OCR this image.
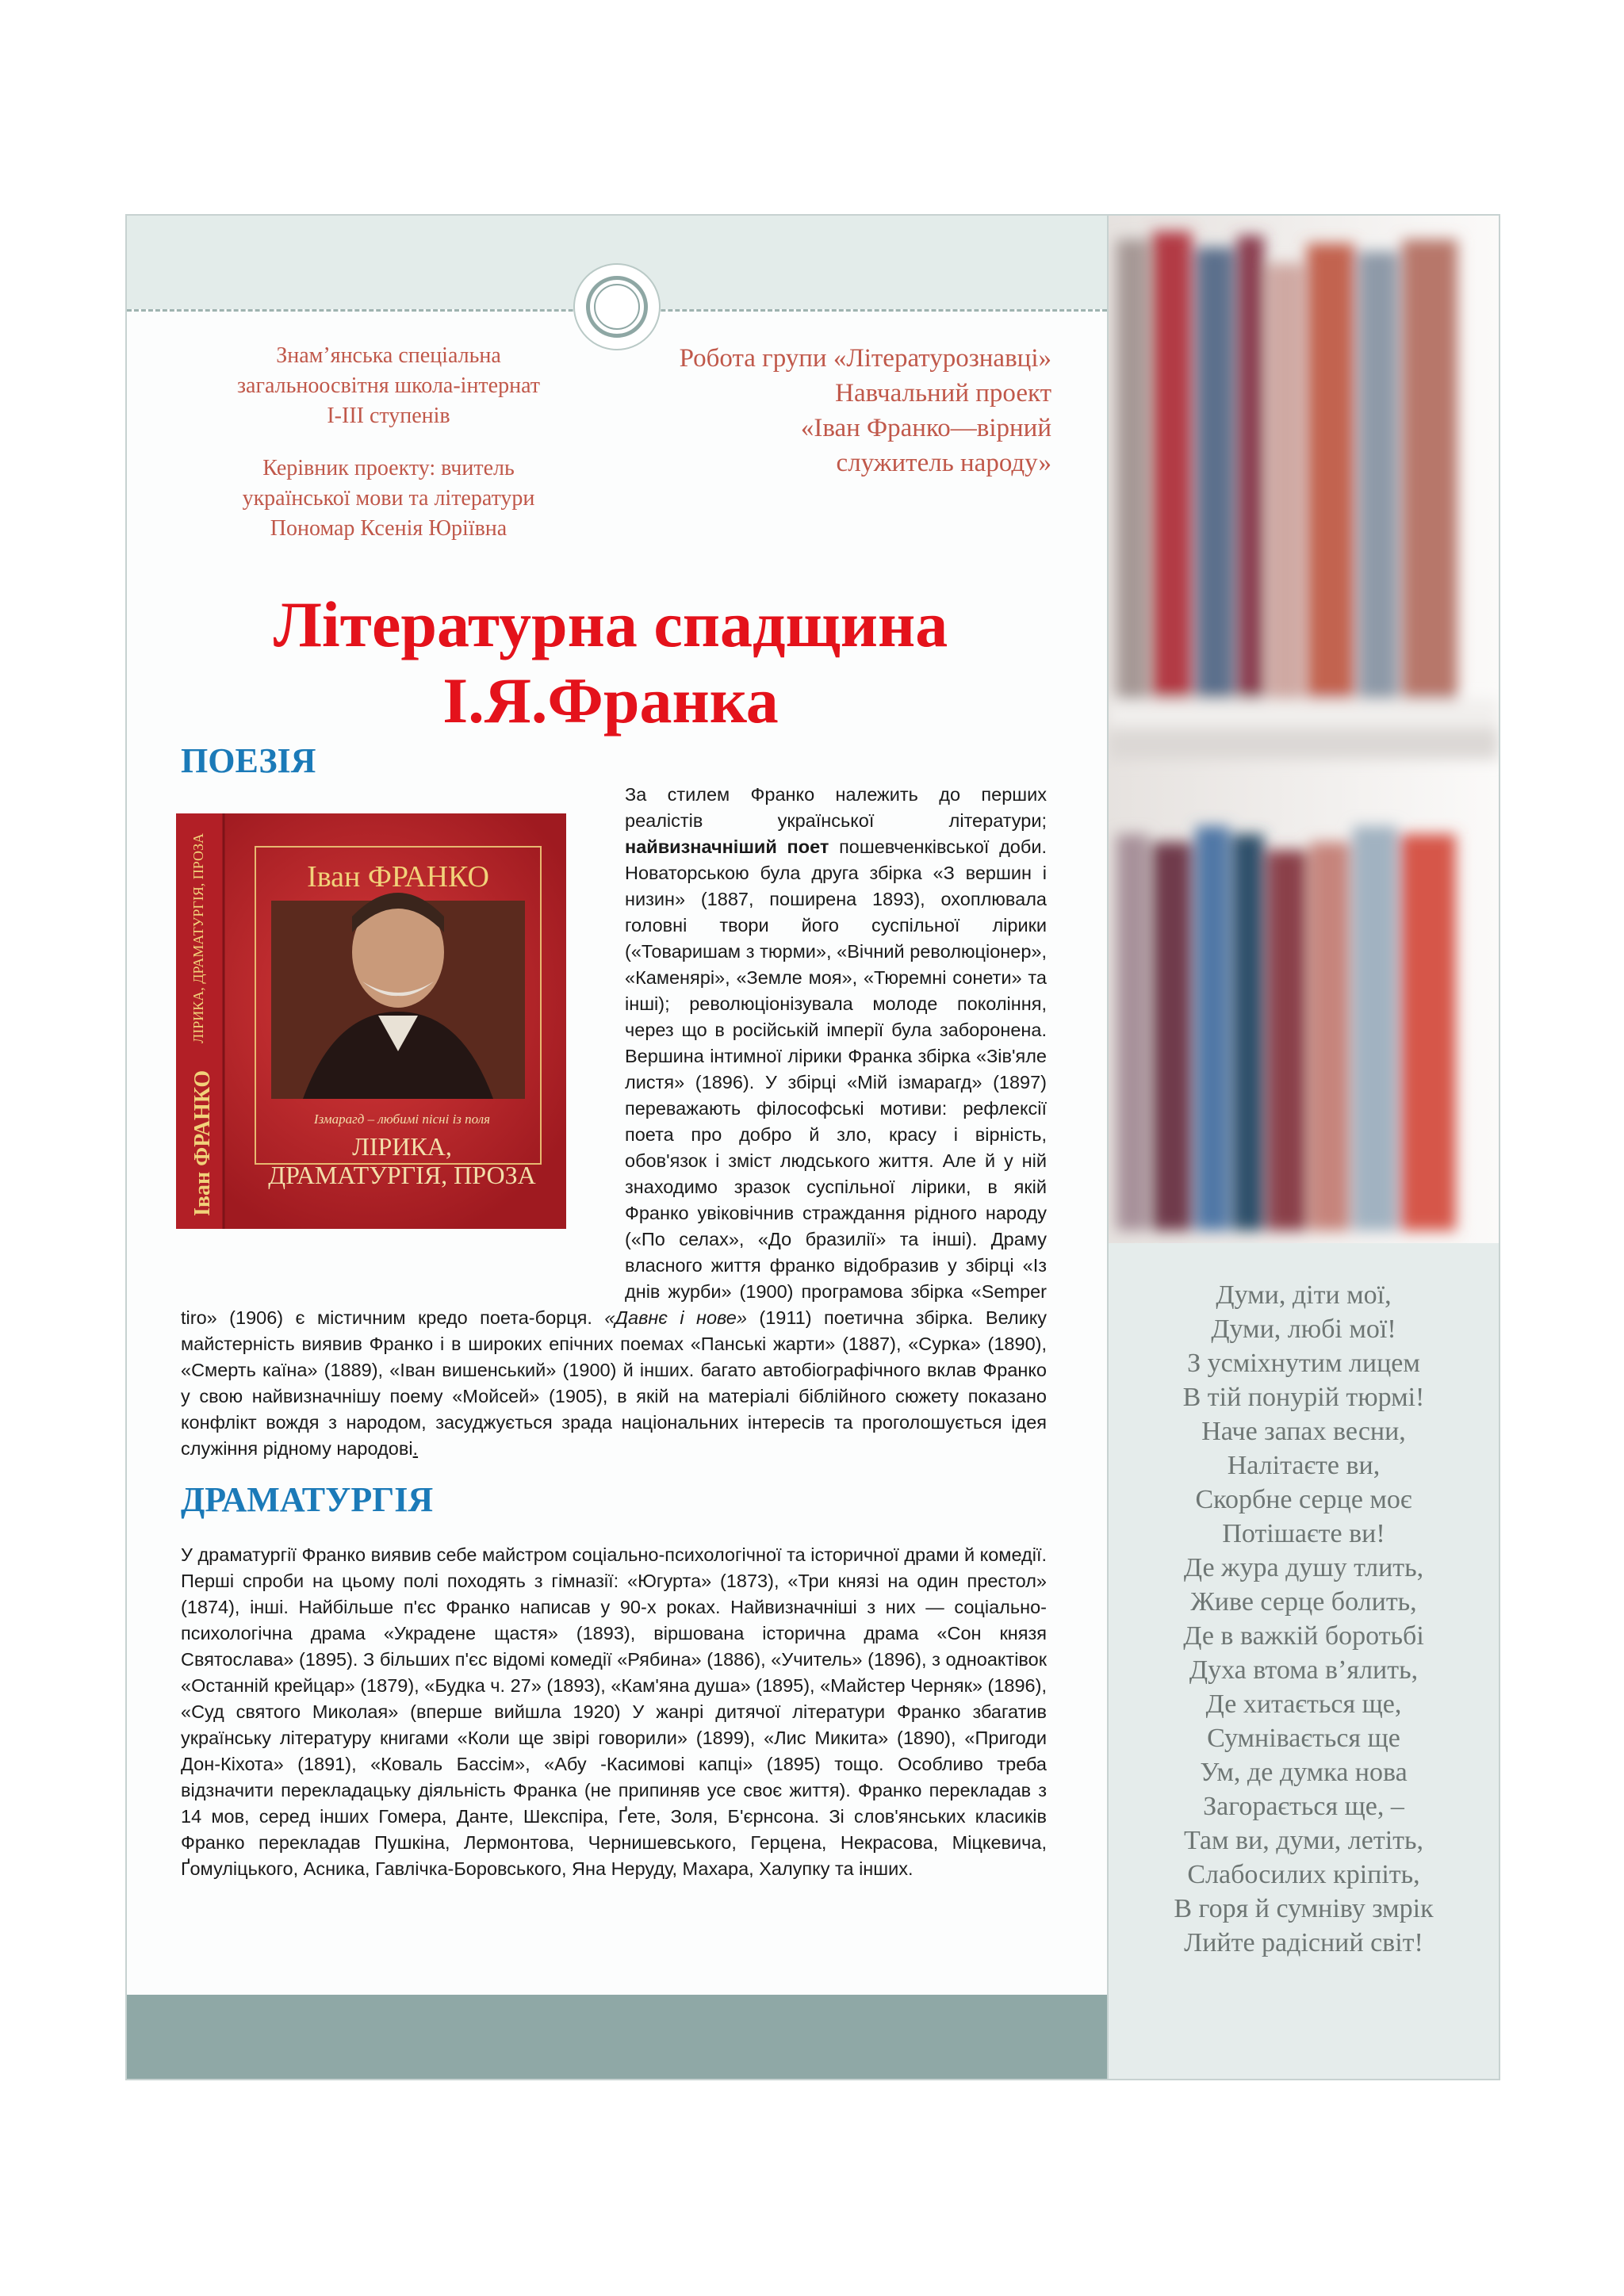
Знам’янська спеціальна

загальноосвітня школа-інтернат

І-ІІІ ступенів

Керівник проекту: вчитель

української мови та літератури

Пономар Ксенія Юріївна

Робота групи «Літературознавці»

Навчальний проект

«Іван Франко—вірний

служитель народу»

Літературна спадщина

І.Я.Франка

ПОЕЗІЯ

За стилем Франко належить до перших реалістів української літератури; найвизначніший поет пошевченківської доби. Новаторською була друга збірка «З вершин і низин» (1887, поширена 1893), охоплювала головні твори його суспільної лірики («Товаришам з тюрми», «Вічний революціонер», «Каменярі», «Земле моя», «Тюремні сонети» та інші); революціонізувала молоде покоління, через що в російській імперії була заборонена. Вершина інтимної лірики Франка збірка «Зів'яле листя» (1896). У збірці «Мій ізмарагд» (1897) переважають філософські мотиви: рефлексії поета про добро й зло, красу і вірність, обов'язок і зміст людського життя. Але й у ній знаходимо зразок суспільної лірики, в якій Франко увіковічнив страждання рідного народу («По селах», «До бразилії» та інші). Драму власного життя франко відобразив у збірці «Із днів журби» (1900) програмова збірка «Semper tiro» (1906) є містичним кредо поета-борця. «Давнє і нове» (1911) поетична збірка. Велику майстерність виявив Франко і в широких епічних поемах «Панські жарти» (1887), «Сурка» (1890), «Смерть каїна» (1889), «Іван вишенський» (1900) й інших. багато автобіографічного вклав Франко у свою найвизначнішу поему «Мойсей» (1905), в якій на матеріалі біблійного сюжету показано конфлікт вождя з народом, засуджується зрада національних інтересів та проголошується ідея служіння рідному народові.

Іван ФРАНКО
Іван ФРАНКО
ЛІРИКА, ДРАМАТУРГІЯ, ПРОЗА
Ізмарагд – любимі пісні із поля
ЛІРИКА,
ДРАМАТУРГІЯ, ПРОЗА
ДРАМАТУРГІЯ

У драматургії Франко виявив себе майстром соціально-психологічної та історичної драми й комедії. Перші спроби на цьому полі походять з гімназії: «Югурта» (1873), «Три князі на один престол» (1874), інші. Найбільше п'єс Франко написав у 90-х роках. Найвизначніші з них — соціально-психологічна драма «Украдене щастя» (1893), віршована історична драма «Сон князя Святослава» (1895). З більших п'єс відомі комедії «Рябина» (1886), «Учитель» (1896), з одноактівок «Останній крейцар» (1879), «Будка ч. 27» (1893), «Кам'яна душа» (1895), «Майстер Черняк» (1896), «Суд святого Миколая» (вперше вийшла 1920) У жанрі дитячої літератури Франко збагатив українську літературу книгами «Коли ще звірі говорили» (1899), «Лис Микита» (1890), «Пригоди Дон-Кіхота» (1891), «Коваль Бассім», «Абу -Касимові капці» (1895) тощо. Особливо треба відзначити перекладацьку діяльність Франка (не припиняв усе своє життя). Франко перекладав з 14 мов, серед інших Гомера, Данте, Шекспіра, Ґете, Золя, Б'єрнсона. Зі слов'янських класиків Франко перекладав Пушкіна, Лермонтова, Чернишевського, Герцена, Некрасова, Міцкевича, Ґомуліцького, Асника, Гавлічка-Боровського, Яна Неруду, Махара, Халупку та інших.

Думи, діти мої,
Думи, любі мої!
З усміхнутим лицем
В тій понурій тюрмі!
Наче запах весни,
Налітаєте ви,
Скорбне серце моє
Потішаєте ви!
Де журa душу тлить,
Живе серце болить,
Де в важкій боротьбі
Духа втома в’ялить,
Де хитається ще,
Сумнівається ще
Ум, де думка нова
Загорається ще, –
Там ви, думи, летіть,
Слабосилих кріпіть,
В горя й сумніву змрік
Лийте радісний світ!
